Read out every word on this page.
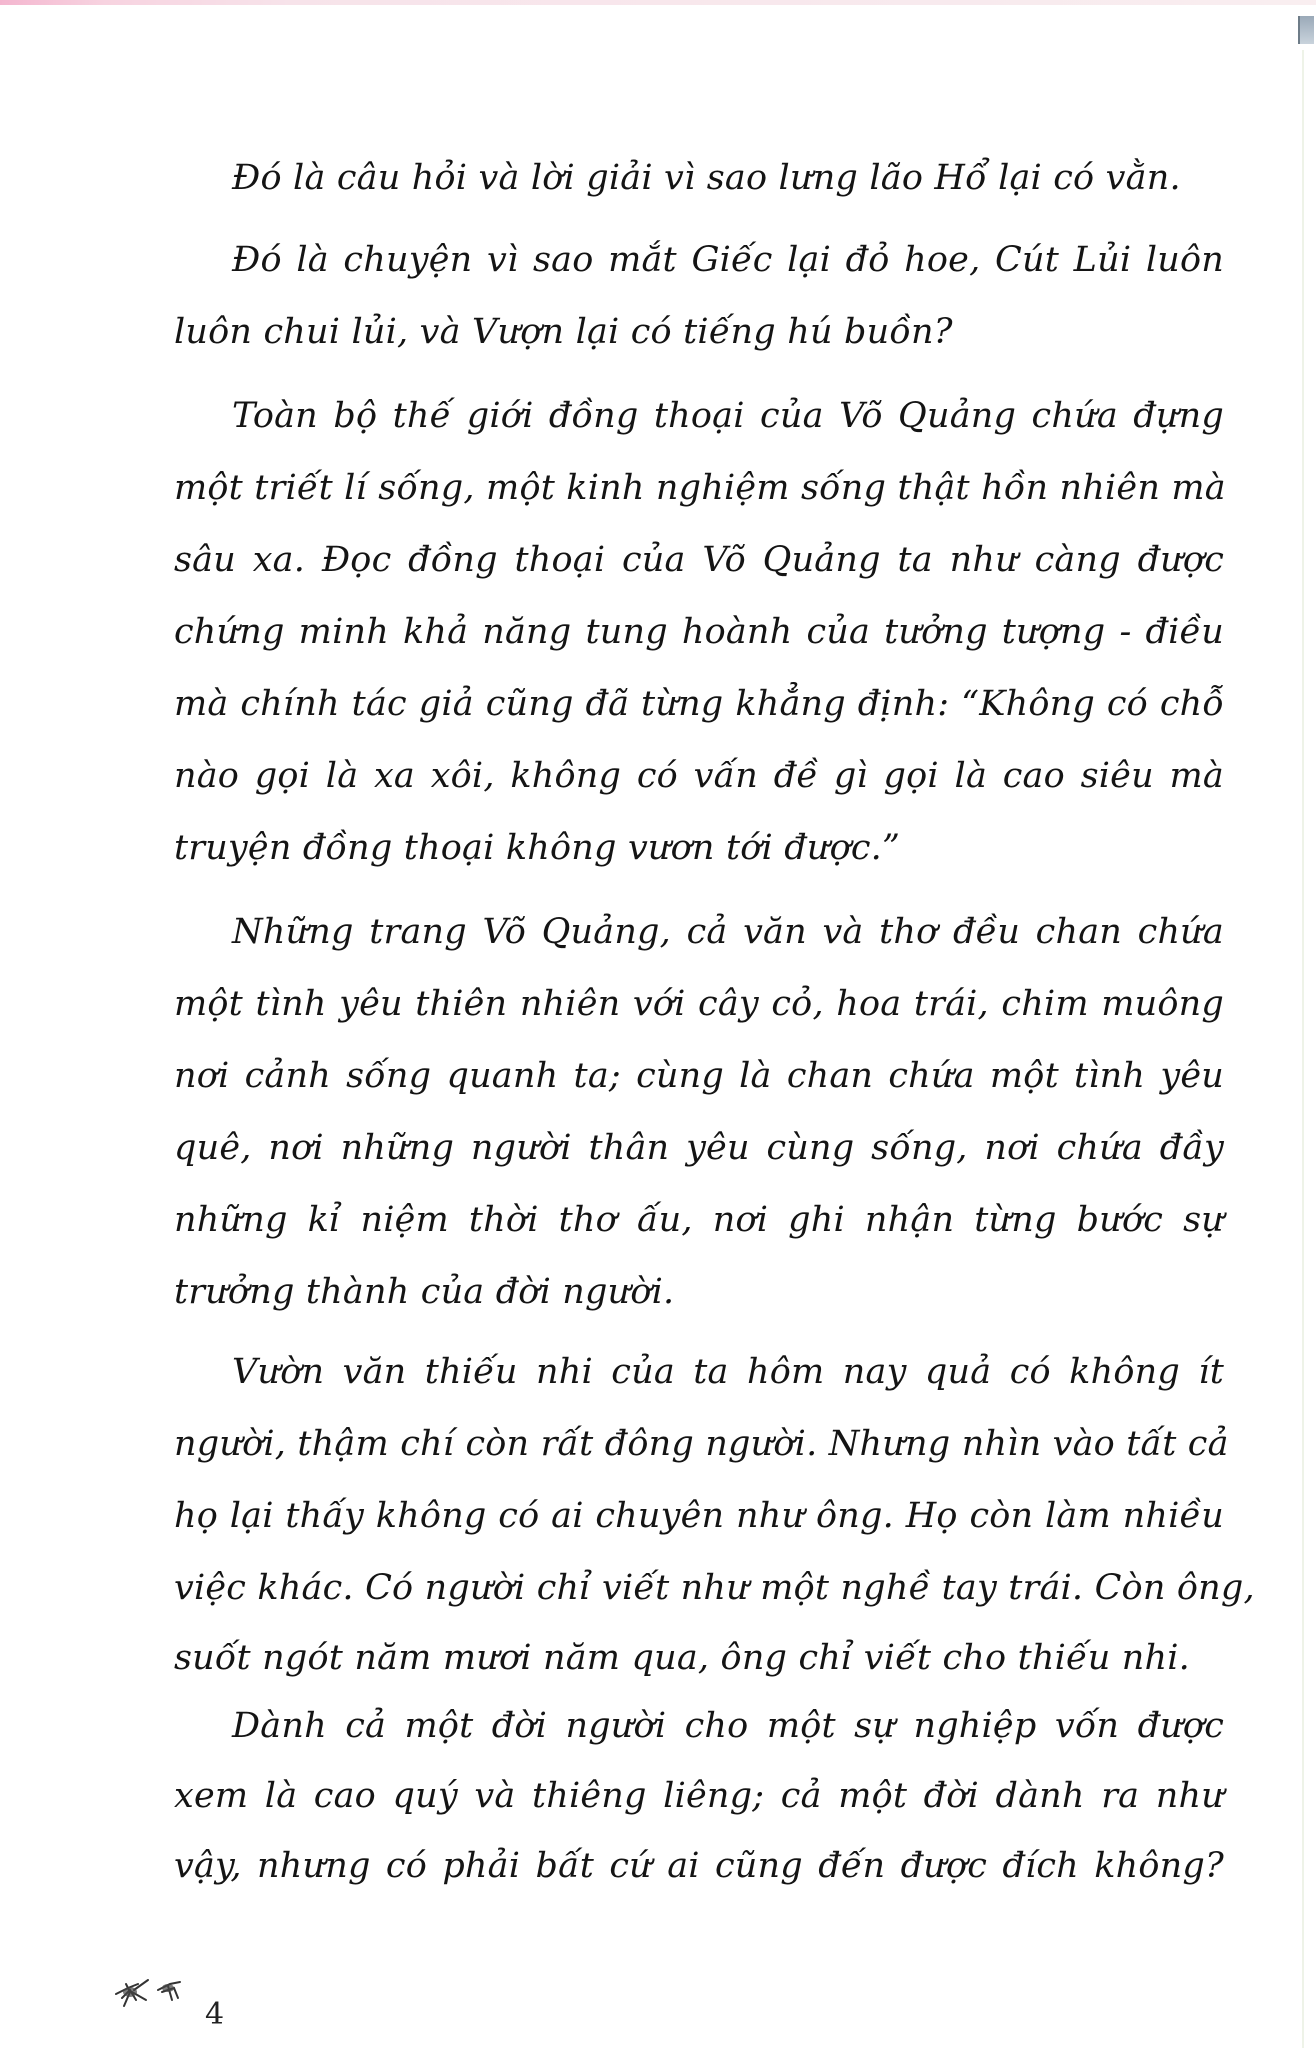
Đó là câu hỏi và lời giải vì sao lưng lão Hổ lại có vằn.
Đó là chuyện vì sao mắt Giếc lại đỏ hoe, Cút Lủi luôn
luôn chui lủi, và Vượn lại có tiếng hú buồn?
Toàn bộ thế giới đồng thoại của Võ Quảng chứa đựng
một triết lí sống, một kinh nghiệm sống thật hồn nhiên mà
sâu xa. Đọc đồng thoại của Võ Quảng ta như càng được
chứng minh khả năng tung hoành của tưởng tượng - điều
mà chính tác giả cũng đã từng khẳng định: “Không có chỗ
nào gọi là xa xôi, không có vấn đề gì gọi là cao siêu mà
truyện đồng thoại không vươn tới được.”
Những trang Võ Quảng, cả văn và thơ đều chan chứa
một tình yêu thiên nhiên với cây cỏ, hoa trái, chim muông
nơi cảnh sống quanh ta; cùng là chan chứa một tình yêu
quê, nơi những người thân yêu cùng sống, nơi chứa đầy
những kỉ niệm thời thơ ấu, nơi ghi nhận từng bước sự
trưởng thành của đời người.
Vườn văn thiếu nhi của ta hôm nay quả có không ít
người, thậm chí còn rất đông người. Nhưng nhìn vào tất cả
họ lại thấy không có ai chuyên như ông. Họ còn làm nhiều
việc khác. Có người chỉ viết như một nghề tay trái. Còn ông,
suốt ngót năm mươi năm qua, ông chỉ viết cho thiếu nhi.
Dành cả một đời người cho một sự nghiệp vốn được
xem là cao quý và thiêng liêng; cả một đời dành ra như
vậy, nhưng có phải bất cứ ai cũng đến được đích không?
4
